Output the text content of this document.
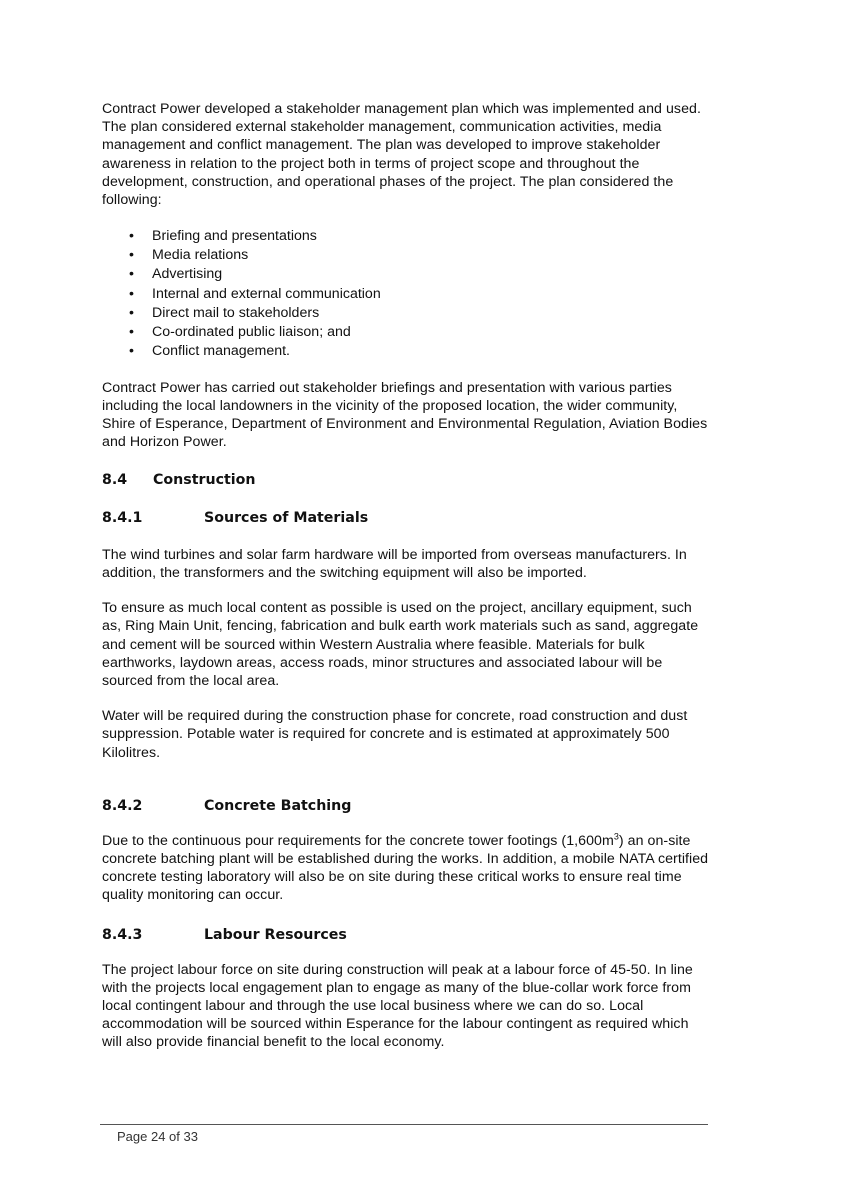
Contract Power developed a stakeholder management plan which was implemented and used. The plan considered external stakeholder management, communication activities, media management and conflict management. The plan was developed to improve stakeholder awareness in relation to the project both in terms of project scope and throughout the development, construction, and operational phases of the project. The plan considered the following:

• Briefing and presentations
• Media relations
• Advertising
• Internal and external communication
• Direct mail to stakeholders
• Co-ordinated public liaison; and
• Conflict management.

Contract Power has carried out stakeholder briefings and presentation with various parties including the local landowners in the vicinity of the proposed location, the wider community, Shire of Esperance, Department of Environment and Environmental Regulation, Aviation Bodies and Horizon Power.

8.4 Construction
8.4.1	Sources of Materials

The wind turbines and solar farm hardware will be imported from overseas manufacturers. In addition, the transformers and the switching equipment will also be imported.

To ensure as much local content as possible is used on the project, ancillary equipment, such as, Ring Main Unit, fencing, fabrication and bulk earth work materials such as sand, aggregate and cement will be sourced within Western Australia where feasible. Materials for bulk earthworks, laydown areas, access roads, minor structures and associated labour will be sourced from the local area.

Water will be required during the construction phase for concrete, road construction and dust suppression. Potable water is required for concrete and is estimated at approximately 500 Kilolitres.

8.4.2	Concrete Batching

Due to the continuous pour requirements for the concrete tower footings $(1,600m^3)$ an on-site concrete batching plant will be established during the works. In addition, a mobile NATA certified concrete testing laboratory will also be on site during these critical works to ensure real time quality monitoring can occur.

8.4.3	Labour Resources

The project labour force on site during construction will peak at a labour force of 45-50. In line with the projects local engagement plan to engage as many of the blue-collar work force from local contingent labour and through the use local business where we can do so. Local accommodation will be sourced within Esperance for the labour contingent as required which will also provide financial benefit to the local economy.

Page 24 of 33
